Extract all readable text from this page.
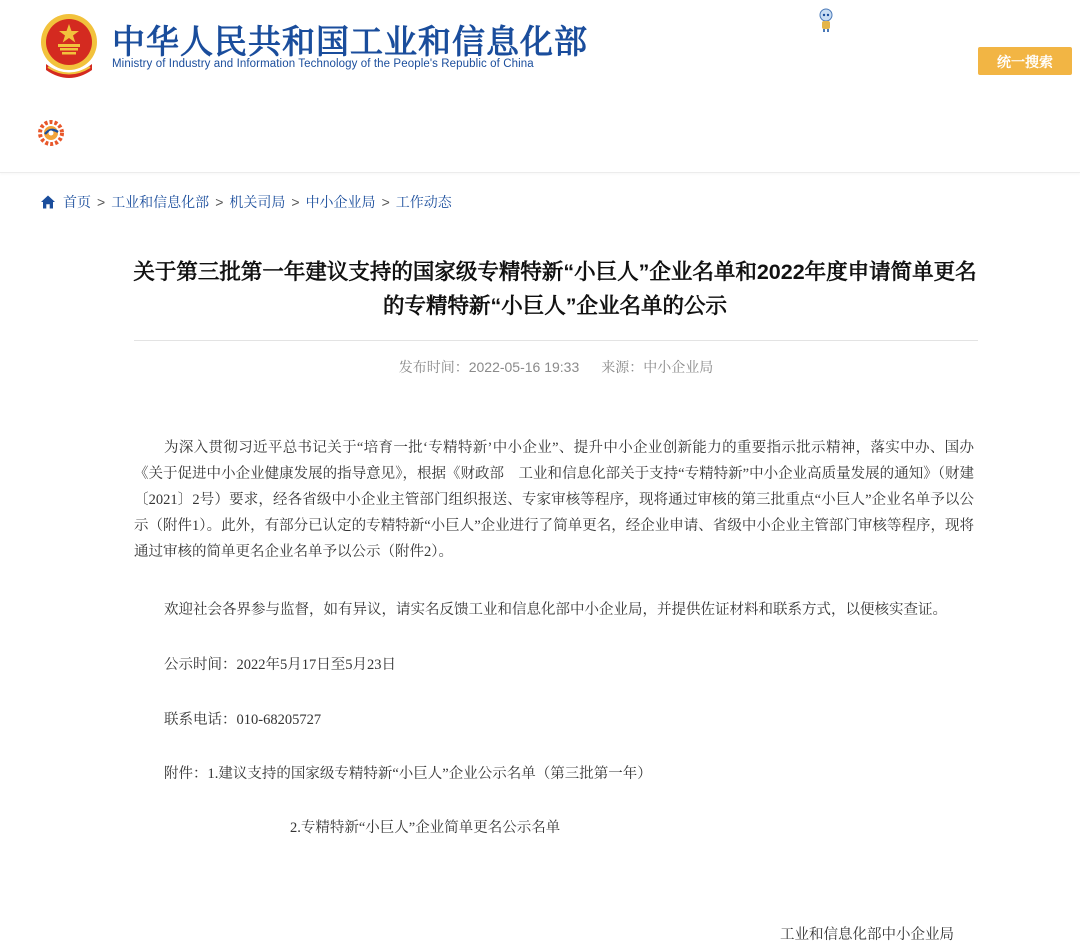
中华人民共和国工业和信息化部
Ministry of Industry and Information Technology of the People's Republic of China	统一搜索
首页 > 工业和信息化部 > 机关司局 > 中小企业局 > 工作动态
关于第三批第一年建议支持的国家级专精特新“小巨人”企业名单和2022年度申请简单更名的专精特新“小巨人”企业名单的公示
发布时间：2022-05-16 19:33 来源：中小企业局

为深入贯彻习近平总书记关于“培育一批‘专精特新’中小企业”、提升中小企业创新能力的重要指示批示精神，落实中办、国办《关于促进中小企业健康发展的指导意见》，根据《财政部　工业和信息化部关于支持“专精特新”中小企业高质量发展的通知》（财建〔2021〕2号）要求，经各省级中小企业主管部门组织报送、专家审核等程序，现将通过审核的第三批重点“小巨人”企业名单予以公示（附件1）。此外，有部分已认定的专精特新“小巨人”企业进行了简单更名，经企业申请、省级中小企业主管部门审核等程序，现将通过审核的简单更名企业名单予以公示（附件2）。

欢迎社会各界参与监督，如有异议，请实名反馈工业和信息化部中小企业局，并提供佐证材料和联系方式，以便核实查证。
公示时间：2022年5月17日至5月23日
联系电话：010-68205727
附件：1.建议支持的国家级专精特新“小巨人”企业公示名单（第三批第一年）
2.专精特新“小巨人”企业简单更名公示名单
工业和信息化部中小企业局
